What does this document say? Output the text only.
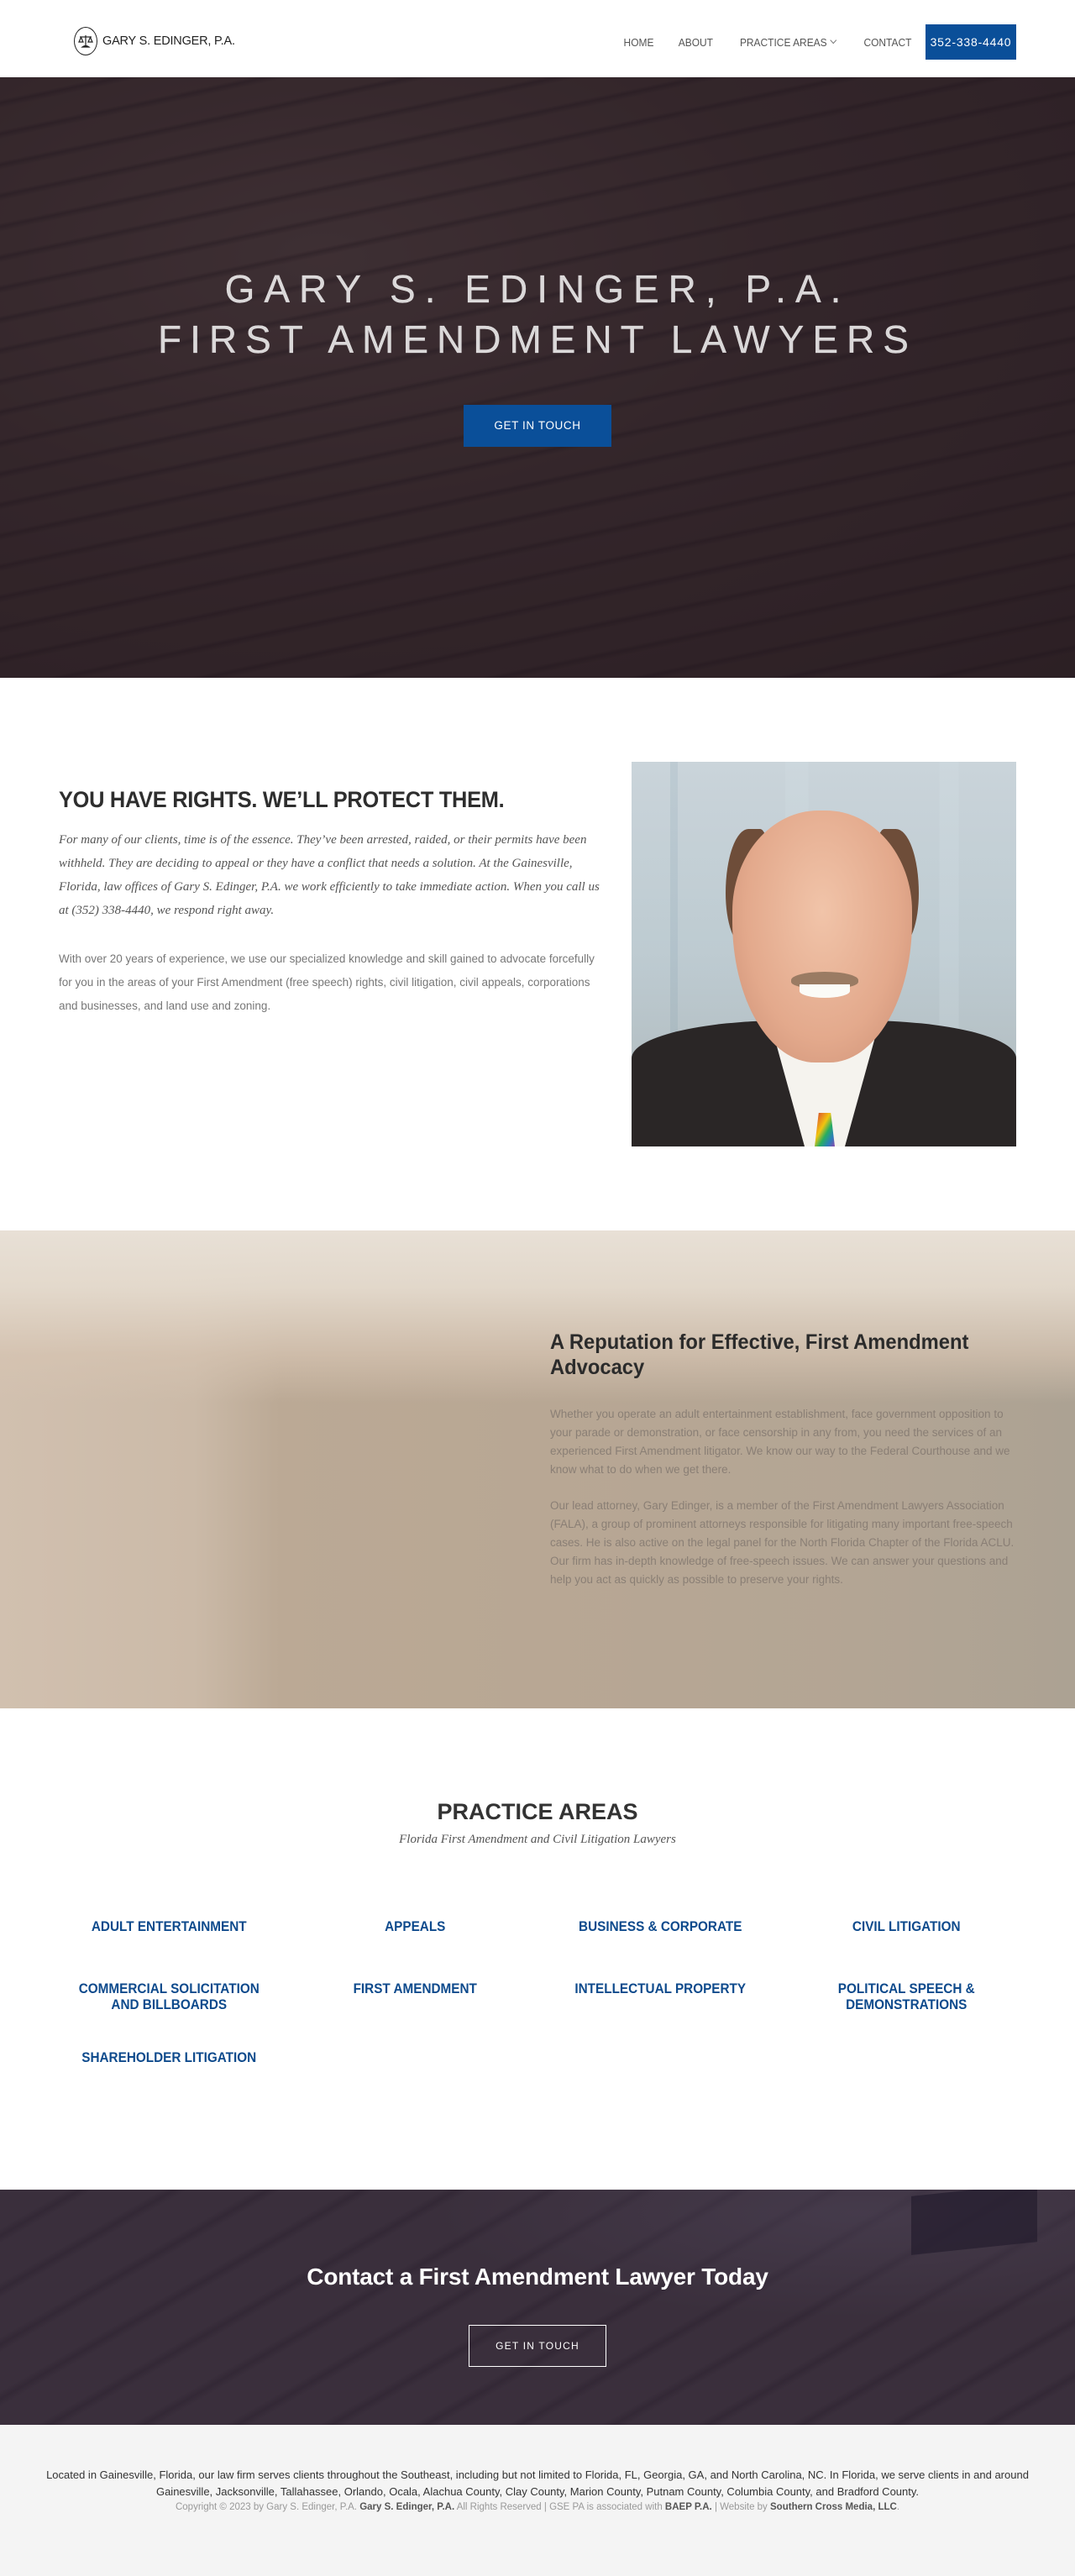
GARY S. EDINGER, P.A.	HOME ABOUT	PRACTICE AREAS	CONTACT	352-338-4440
GARY S. EDINGER, P.A.
FIRST AMENDMENT LAWYERS
GET IN TOUCH
YOU HAVE RIGHTS. WE’LL PROTECT THEM.

For many of our clients, time is of the essence. They’ve been arrested, raided, or their permits have been withheld. They are deciding to appeal or they have a conflict that needs a solution. At the Gainesville, Florida, law offices of Gary S. Edinger, P.A. we work efficiently to take immediate action. When you call us at (352) 338-4440, we respond right away.

With over 20 years of experience, we use our specialized knowledge and skill gained to advocate forcefully for you in the areas of your First Amendment (free speech) rights, civil litigation, civil appeals, corporations and businesses, and land use and zoning.

A Reputation for Effective, First Amendment Advocacy

Whether you operate an adult entertainment establishment, face government opposition to your parade or demonstration, or face censorship in any from, you need the services of an experienced First Amendment litigator. We know our way to the Federal Courthouse and we know what to do when we get there.

Our lead attorney, Gary Edinger, is a member of the First Amendment Lawyers Association (FALA), a group of prominent attorneys responsible for litigating many important free-speech cases. He is also active on the legal panel for the North Florida Chapter of the Florida ACLU. Our firm has in-depth knowledge of free-speech issues. We can answer your questions and help you act as quickly as possible to preserve your rights.

PRACTICE AREAS

Florida First Amendment and Civil Litigation Lawyers

ADULT ENTERTAINMENT	APPEALS	BUSINESS & CORPORATE	CIVIL LITIGATION
COMMERCIAL SOLICITATION AND BILLBOARDS
FIRST AMENDMENT	INTELLECTUAL PROPERTY	POLITICAL SPEECH & DEMONSTRATIONS
SHAREHOLDER LITIGATION
Contact a First Amendment Lawyer Today
GET IN TOUCH

Located in Gainesville, Florida, our law firm serves clients throughout the Southeast, including but not limited to Florida, FL, Georgia, GA, and North Carolina, NC. In Florida, we serve clients in and around Gainesville, Jacksonville, Tallahassee, Orlando, Ocala, Alachua County, Clay County, Marion County, Putnam County, Columbia County, and Bradford County.

Copyright © 2023 by Gary S. Edinger, P.A. Gary S. Edinger, P.A. All Rights Reserved | GSE PA is associated with BAEP P.A. | Website by Southern Cross Media, LLC.
